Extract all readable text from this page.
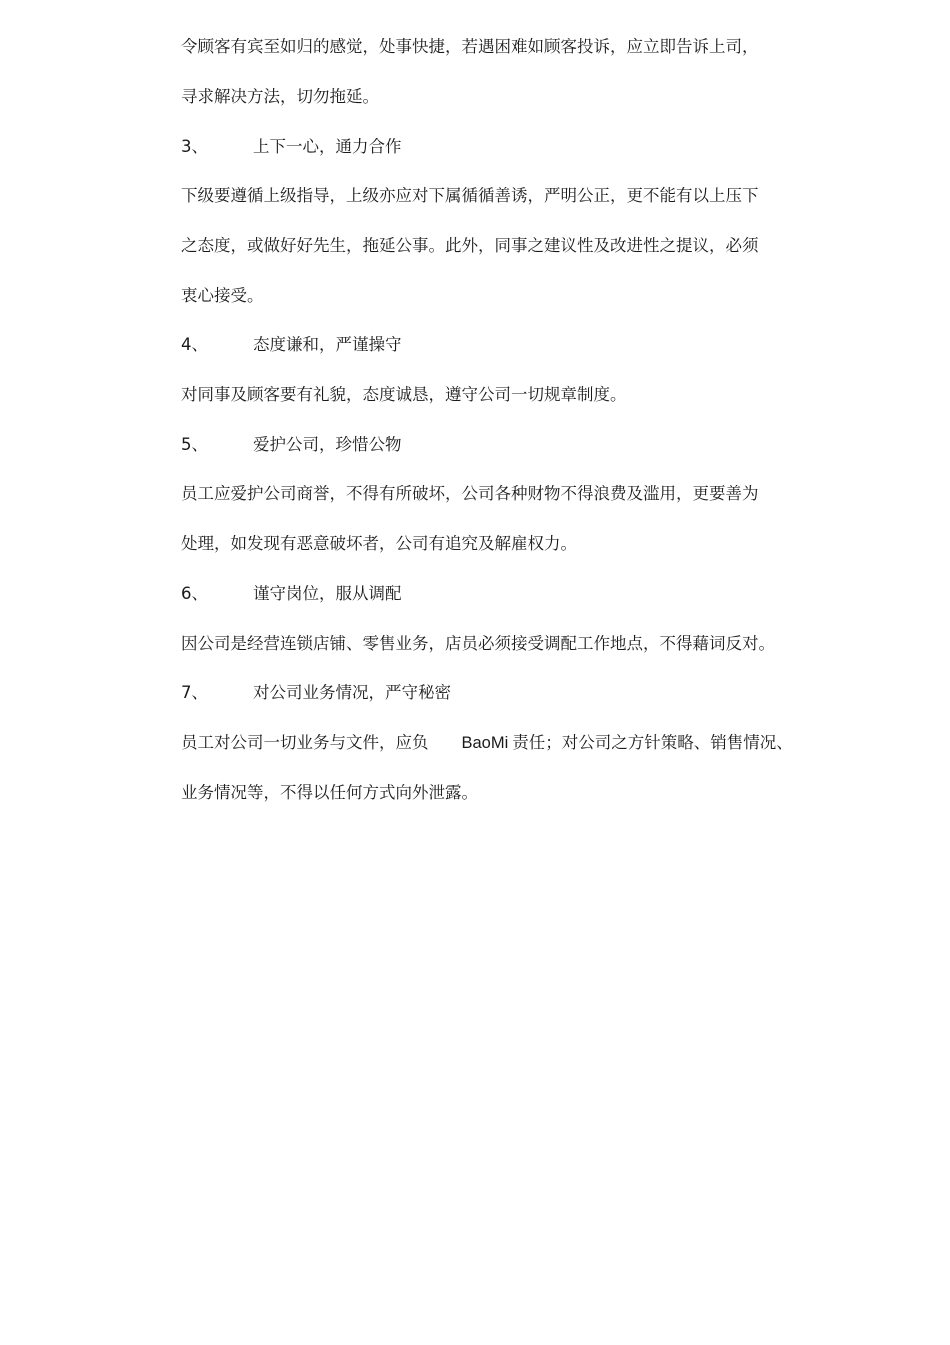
令顾客有宾至如归的感觉，处事快捷，若遇困难如顾客投诉，应立即告诉上司，
寻求解决方法，切勿拖延。
3、	上下一心，通力合作
下级要遵循上级指导，上级亦应对下属循循善诱，严明公正，更不能有以上压下
之态度，或做好好先生，拖延公事。此外，同事之建议性及改进性之提议，必须
衷心接受。
4、	态度谦和，严谨操守
对同事及顾客要有礼貌，态度诚恳，遵守公司一切规章制度。
5、	爱护公司，珍惜公物
员工应爱护公司商誉，不得有所破坏，公司各种财物不得浪费及滥用，更要善为
处理，如发现有恶意破坏者，公司有追究及解雇权力。
6、	谨守岗位，服从调配
因公司是经营连锁店铺、零售业务，店员必须接受调配工作地点，不得藉词反对。
7、	对公司业务情况，严守秘密
员工对公司一切业务与文件，应负 BaoMi 责任；对公司之方针策略、销售情况、
业务情况等，不得以任何方式向外泄露。
